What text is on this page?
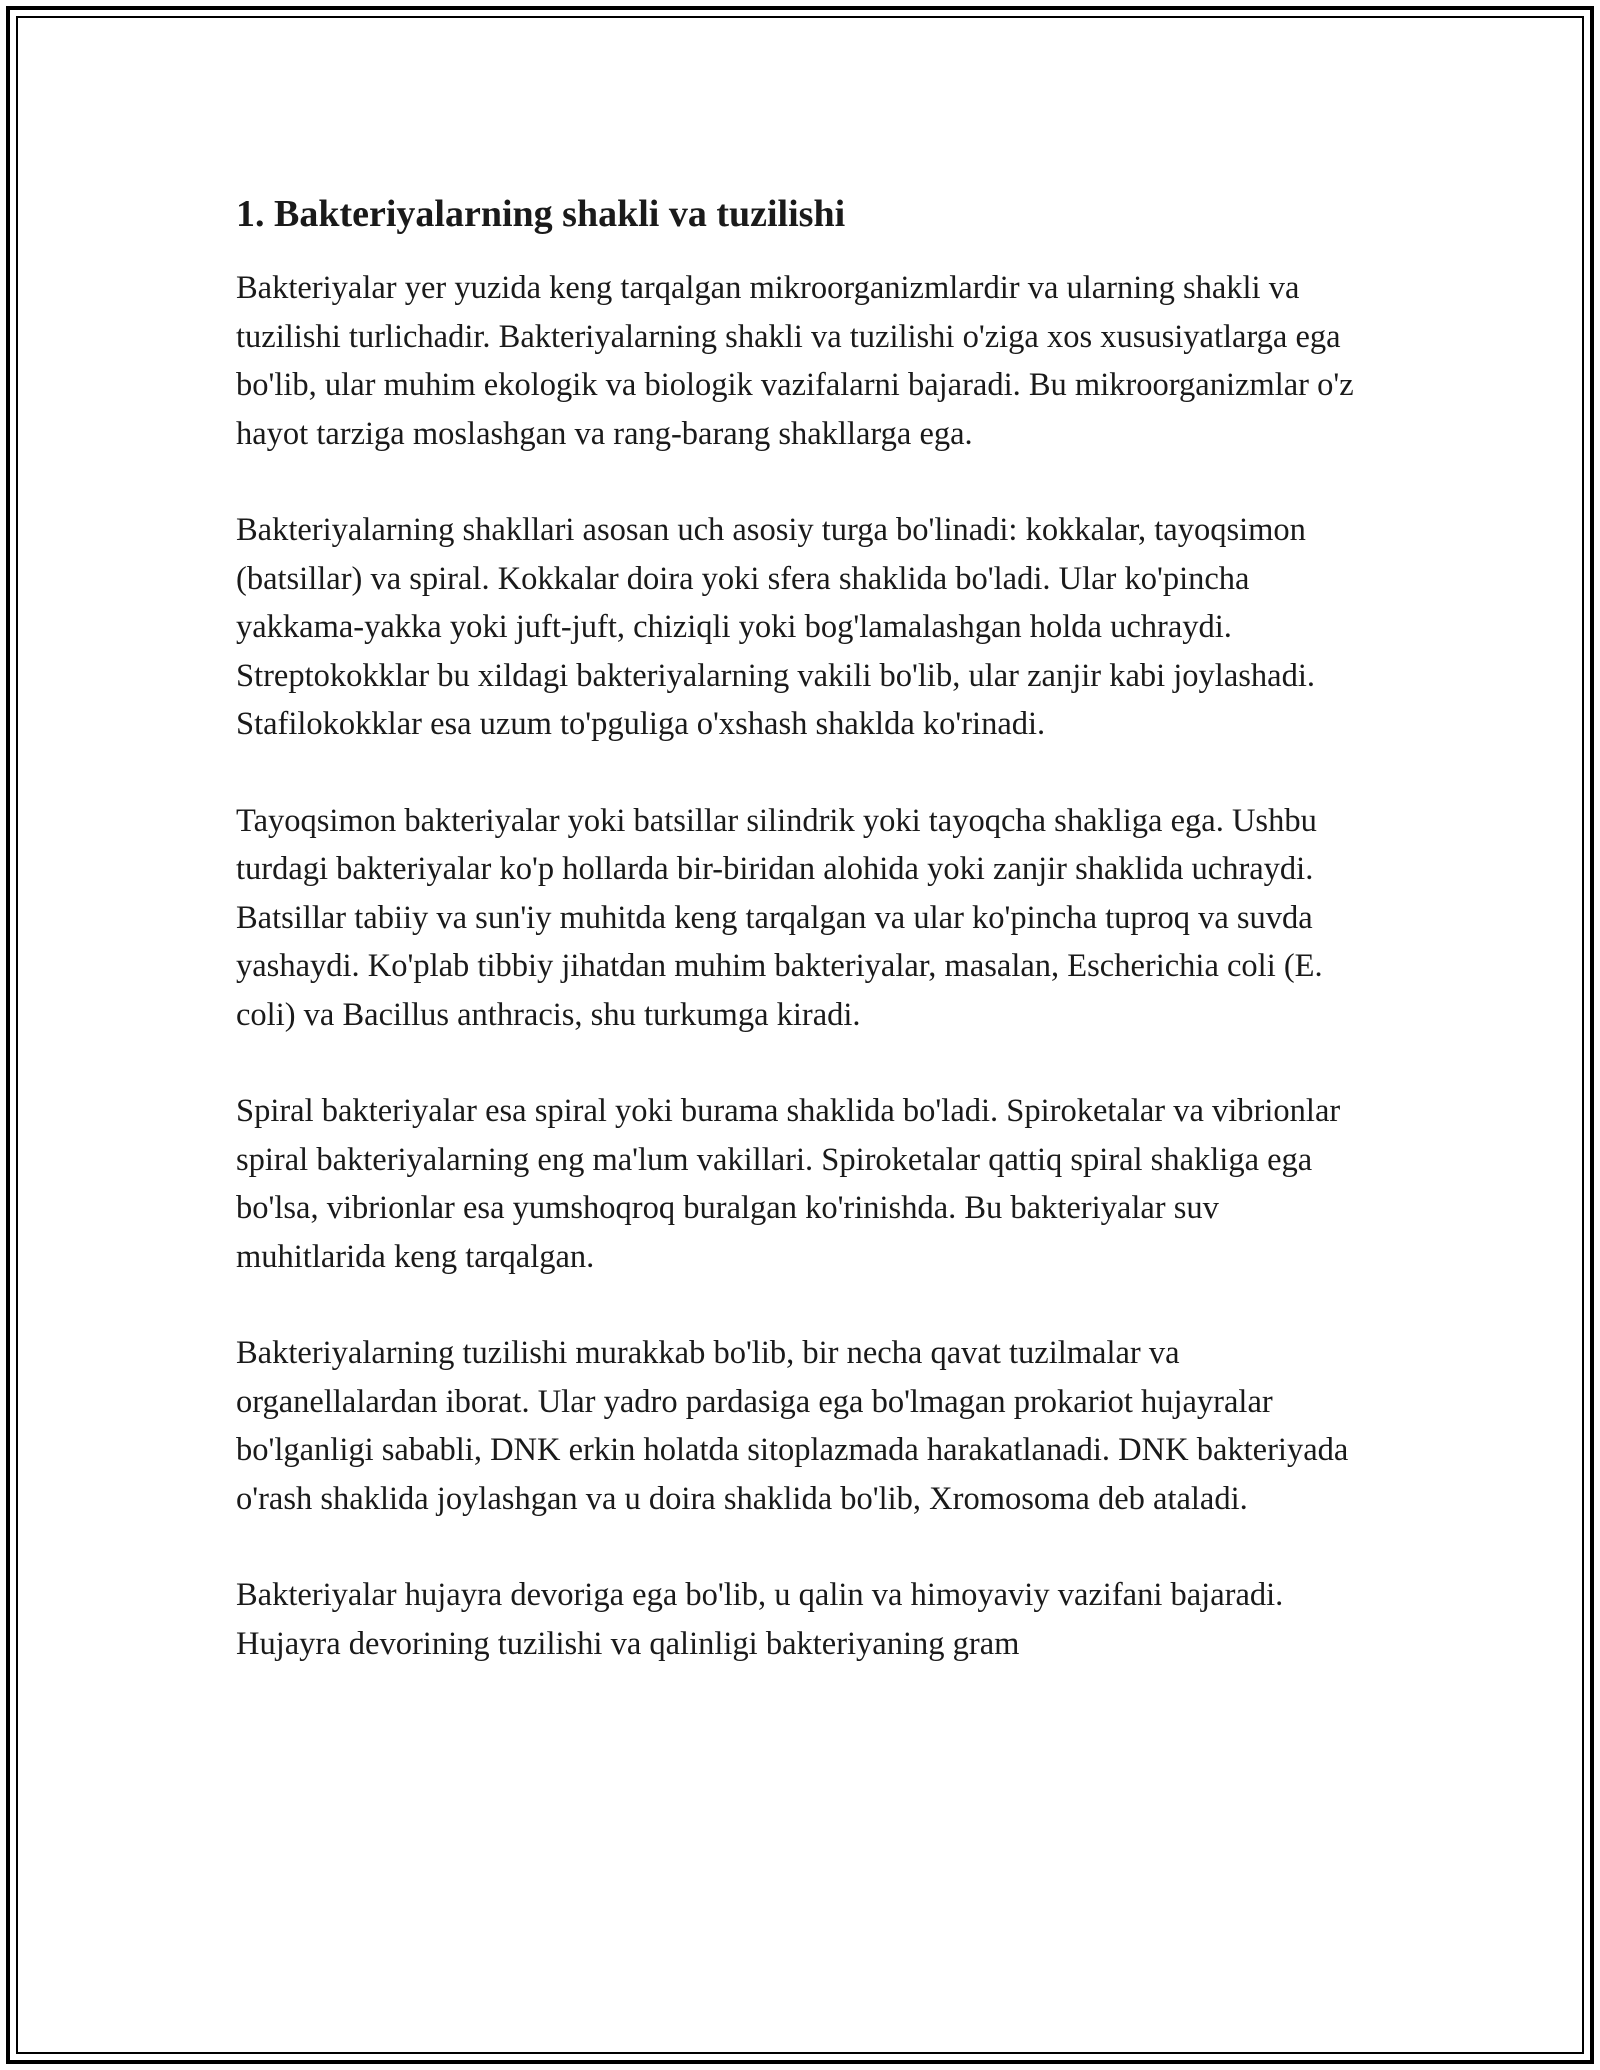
1. Bakteriyalarning shakli va tuzilishi

Bakteriyalar yer yuzida keng tarqalgan mikroorganizmlardir va ularning shakli va tuzilishi turlichadir. Bakteriyalarning shakli va tuzilishi o'ziga xos xususiyatlarga ega bo'lib, ular muhim ekologik va biologik vazifalarni bajaradi. Bu mikroorganizmlar o'z hayot tarziga moslashgan va rang-barang shakllarga ega.

Bakteriyalarning shakllari asosan uch asosiy turga bo'linadi: kokkalar, tayoqsimon (batsillar) va spiral. Kokkalar doira yoki sfera shaklida bo'ladi. Ular ko'pincha yakkama-yakka yoki juft-juft, chiziqli yoki bog'lamalashgan holda uchraydi. Streptokokklar bu xildagi bakteriyalarning vakili bo'lib, ular zanjir kabi joylashadi. Stafilokokklar esa uzum to'pguliga o'xshash shaklda ko'rinadi.

Tayoqsimon bakteriyalar yoki batsillar silindrik yoki tayoqcha shakliga ega. Ushbu turdagi bakteriyalar ko'p hollarda bir-biridan alohida yoki zanjir shaklida uchraydi. Batsillar tabiiy va sun'iy muhitda keng tarqalgan va ular ko'pincha tuproq va suvda yashaydi. Ko'plab tibbiy jihatdan muhim bakteriyalar, masalan, Escherichia coli (E. coli) va Bacillus anthracis, shu turkumga kiradi.

Spiral bakteriyalar esa spiral yoki burama shaklida bo'ladi. Spiroketalar va vibrionlar spiral bakteriyalarning eng ma'lum vakillari. Spiroketalar qattiq spiral shakliga ega bo'lsa, vibrionlar esa yumshoqroq buralgan ko'rinishda. Bu bakteriyalar suv muhitlarida keng tarqalgan.

Bakteriyalarning tuzilishi murakkab bo'lib, bir necha qavat tuzilmalar va organellalardan iborat. Ular yadro pardasiga ega bo'lmagan prokariot hujayralar bo'lganligi sababli, DNK erkin holatda sitoplazmada harakatlanadi. DNK bakteriyada o'rash shaklida joylashgan va u doira shaklida bo'lib, Xromosoma deb ataladi.

Bakteriyalar hujayra devoriga ega bo'lib, u qalin va himoyaviy vazifani bajaradi. Hujayra devorining tuzilishi va qalinligi bakteriyaning gram
